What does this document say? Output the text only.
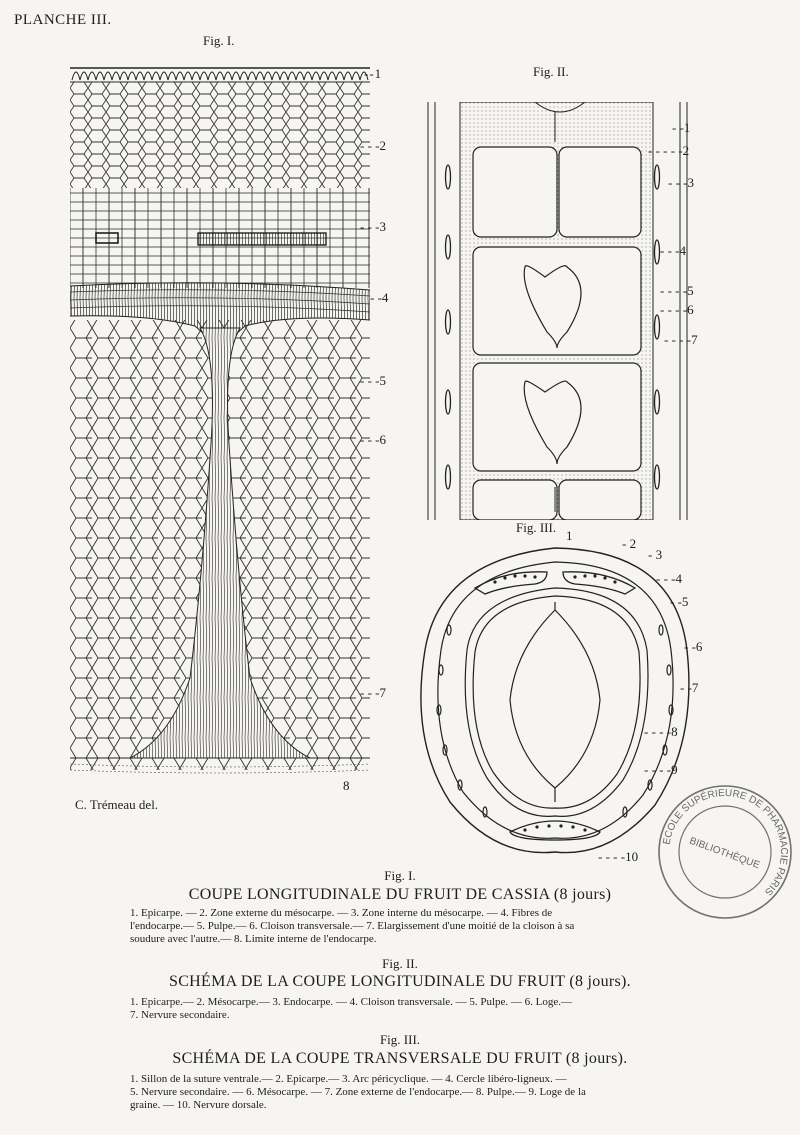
PLANCHE III.
Fig. I.
Fig. II.
Fig. III.
--1
- - -2
- - -3
- -4
- - -5
- - -6
- - -7
8
- -1
- - - - -2
- - -3
- - -4
- - - -5
- - - -6
- - - -7
1
- 2
- 3
- - -4
- -5
- -6
- -7
- - - -8
- - - -9
- - - -10
C. Trémeau del.
ECOLE SUPÉRIEURE DE PHARMACIE PARIS
BIBLIOTHÈQUE
Fig. I.
COUPE LONGITUDINALE DU FRUIT DE CASSIA (8 jours)
1. Epicarpe. — 2. Zone externe du mésocarpe. — 3. Zone interne du mésocarpe. — 4. Fibres de
l'endocarpe.— 5. Pulpe.— 6. Cloison transversale.— 7. Elargissement d'une moitié de la cloison à sa
soudure avec l'autre.— 8. Limite interne de l'endocarpe.
Fig. II.
SCHÉMA DE LA COUPE LONGITUDINALE DU FRUIT (8 jours).
1. Epicarpe.— 2. Mésocarpe.— 3. Endocarpe. — 4. Cloison transversale. — 5. Pulpe. — 6. Loge.—
7. Nervure secondaire.
Fig. III.
SCHÉMA DE LA COUPE TRANSVERSALE DU FRUIT (8 jours).
1. Sillon de la suture ventrale.— 2. Epicarpe.— 3. Arc péricyclique. — 4. Cercle libéro-ligneux. —
5. Nervure secondaire. — 6. Mésocarpe. — 7. Zone externe de l'endocarpe.— 8. Pulpe.— 9. Loge de la
graine. — 10. Nervure dorsale.
